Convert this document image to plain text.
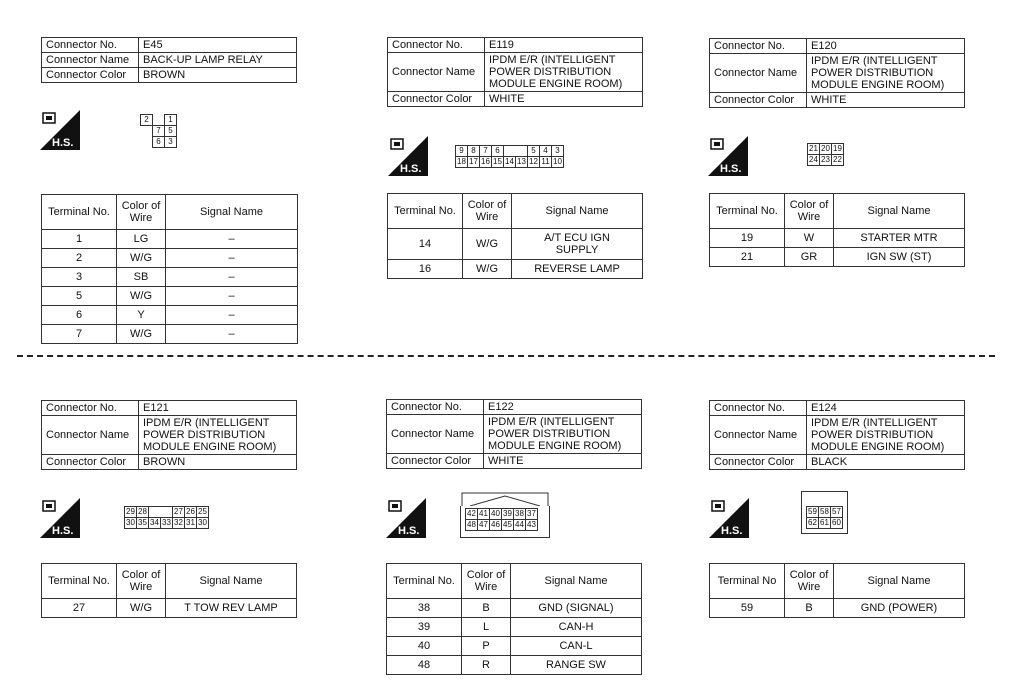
Connector No.	E45
Connector Name	BACK-UP LAMP RELAY
Connector Color	BROWN
H.S.
2		1
	7	5
	6	3
Terminal No.	Color of
Wire	Signal Name
1	LG	–
2	W/G	–
3	SB	–
5	W/G	–
6	Y	–
7	W/G	–
Connector No.	E119
Connector Name	IPDM E/R (INTELLIGENT
POWER DISTRIBUTION
MODULE ENGINE ROOM)
Connector Color	WHITE
H.S.
9	8	7	6			5	4	3
18	17	16	15	14	13	12	11	10
Terminal No.	Color of
Wire	Signal Name
14	W/G	A/T ECU IGN
SUPPLY
16	W/G	REVERSE LAMP
Connector No.	E120
Connector Name	IPDM E/R (INTELLIGENT
POWER DISTRIBUTION
MODULE ENGINE ROOM)
Connector Color	WHITE
H.S.
21	20	19
24	23	22
Terminal No.	Color of
Wire	Signal Name
19	W	STARTER MTR
21	GR	IGN SW (ST)
Connector No.	E121
Connector Name	IPDM E/R (INTELLIGENT
POWER DISTRIBUTION
MODULE ENGINE ROOM)
Connector Color	BROWN
H.S.
29	28			27	26	25
30	35	34	33	32	31	30
Terminal No.	Color of
Wire	Signal Name
27	W/G	T TOW REV LAMP
Connector No.	E122
Connector Name	IPDM E/R (INTELLIGENT
POWER DISTRIBUTION
MODULE ENGINE ROOM)
Connector Color	WHITE
H.S.
42	41	40	39	38	37
48	47	46	45	44	43
Terminal No.	Color of
Wire	Signal Name
38	B	GND (SIGNAL)
39	L	CAN-H
40	P	CAN-L
48	R	RANGE SW
Connector No.	E124
Connector Name	IPDM E/R (INTELLIGENT
POWER DISTRIBUTION
MODULE ENGINE ROOM)
Connector Color	BLACK
H.S.
59	58	57
62	61	60
Terminal No	Color of
Wire	Signal Name
59	B	GND (POWER)
